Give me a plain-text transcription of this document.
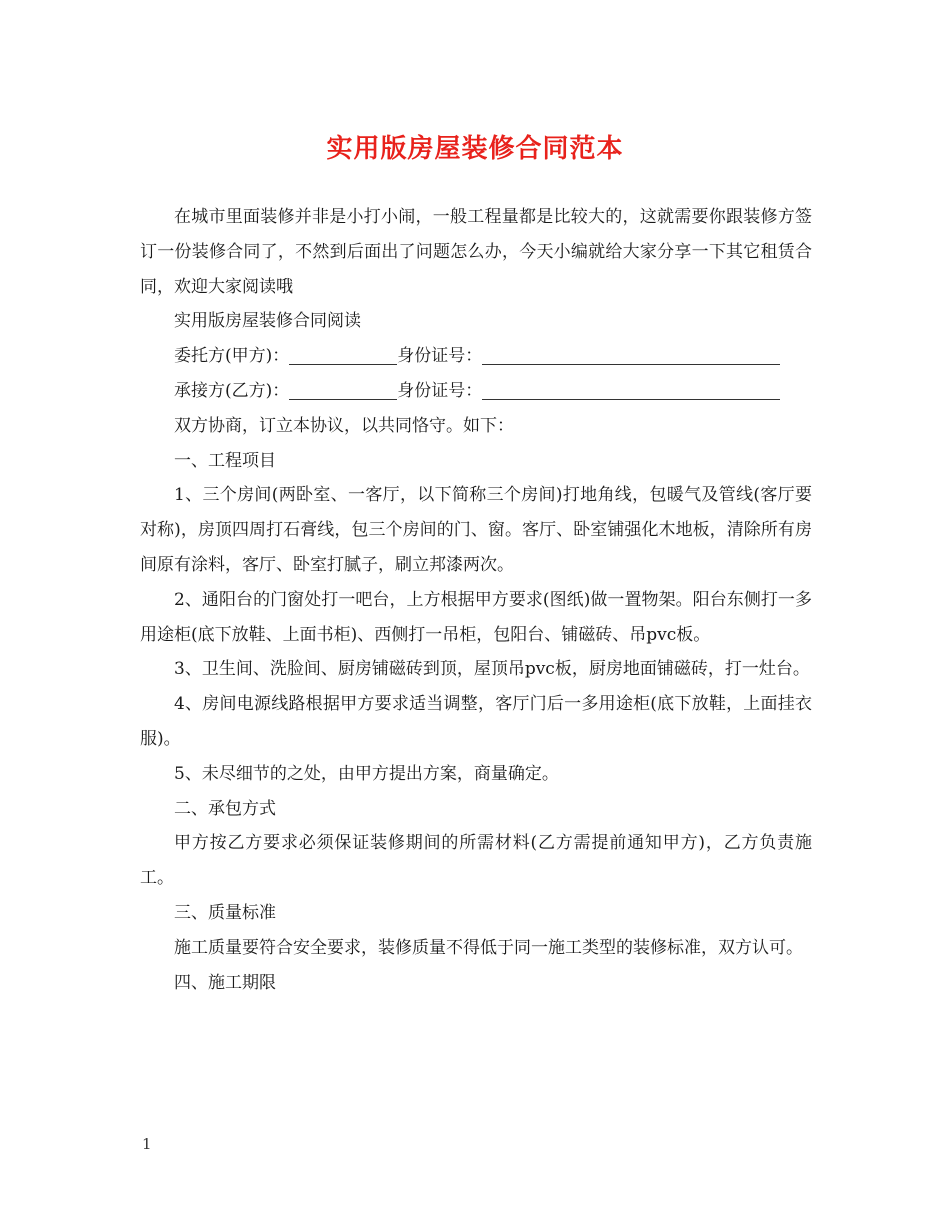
实用版房屋装修合同范本

在城市里面装修并非是小打小闹，一般工程量都是比较大的，这就需要你跟装修方签订一份装修合同了，不然到后面出了问题怎么办，今天小编就给大家分享一下其它租赁合同，欢迎大家阅读哦

实用版房屋装修合同阅读

委托方(甲方)：	身份证号：
承接方(乙方)：	身份证号：

双方协商，订立本协议，以共同恪守。如下：

一、工程项目

1、三个房间(两卧室、一客厅，以下简称三个房间)打地角线，包暖气及管线(客厅要对称)，房顶四周打石膏线，包三个房间的门、窗。客厅、卧室铺强化木地板，清除所有房间原有涂料，客厅、卧室打腻子，刷立邦漆两次。

2、通阳台的门窗处打一吧台，上方根据甲方要求(图纸)做一置物架。阳台东侧打一多用途柜(底下放鞋、上面书柜)、西侧打一吊柜，包阳台、铺磁砖、吊pvc板。

3、卫生间、洗脸间、厨房铺磁砖到顶，屋顶吊pvc板，厨房地面铺磁砖，打一灶台。

4、房间电源线路根据甲方要求适当调整，客厅门后一多用途柜(底下放鞋，上面挂衣服)。

5、未尽细节的之处，由甲方提出方案，商量确定。

二、承包方式

甲方按乙方要求必须保证装修期间的所需材料(乙方需提前通知甲方)，乙方负责施工。

三、质量标准

施工质量要符合安全要求，装修质量不得低于同一施工类型的装修标准，双方认可。

四、施工期限

1
